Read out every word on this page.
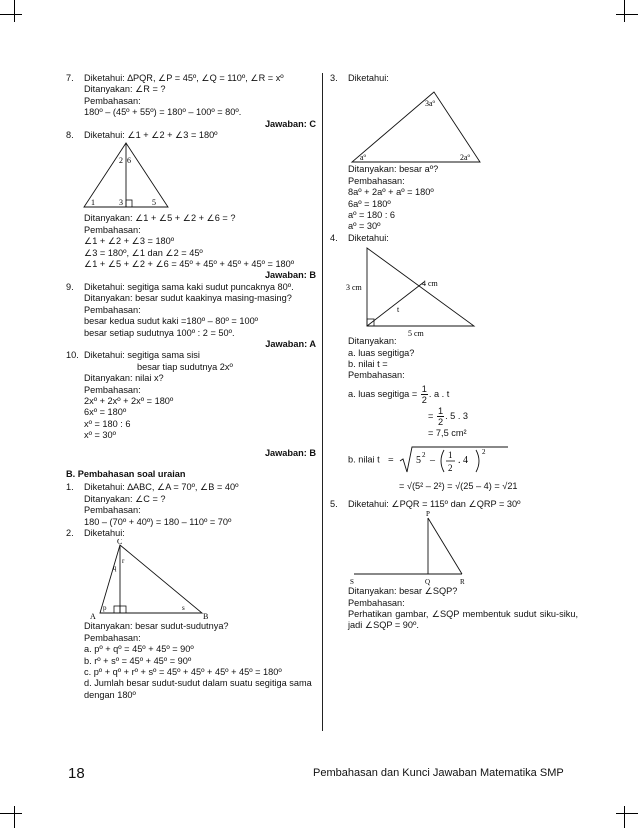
7. Diketahui: ∆PQR, ∠P = 45º, ∠Q = 110º, ∠R = xº
Ditanyakan: ∠R = ?
Pembahasan:
180º – (45º + 55º) = 180º – 100º = 80º.
Jawaban: C
8. Diketahui: ∠1 + ∠2 + ∠3 = 180º
2 6
1	3	5
Ditanyakan: ∠1 + ∠5 + ∠2 + ∠6 = ?
Pembahasan:
∠1 + ∠2 + ∠3 = 180º
∠3 = 180º, ∠1 dan ∠2 = 45º
∠1 + ∠5 + ∠2 + ∠6 = 45º + 45º + 45º + 45º = 180º
Jawaban: B
9. Diketahui: segitiga sama kaki sudut puncaknya 80º.
Ditanyakan: besar sudut kaakinya masing-masing?
Pembahasan:
besar kedua sudut kaki =180º – 80º = 100º
besar setiap sudutnya 100º : 2 = 50º.
Jawaban: A
10. Diketahui: segitiga sama sisi
besar tiap sudutnya 2xº
Ditanyakan: nilai x?
Pembahasan:
2xº + 2xº + 2xº = 180º
6xº = 180º
xº = 180 : 6
xº = 30º
Jawaban: B
B. Pembahasan soal uraian
1. Diketahui: ∆ABC, ∠A = 70º, ∠B = 40º
Ditanyakan: ∠C = ?
Pembahasan:
180 – (70º + 40º) = 180 – 110º = 70º
2. Diketahui:
C
r
q
p	s
A	B
Ditanyakan: besar sudut-sudutnya?
Pembahasan:
a. pº + qº = 45º + 45º = 90º
b. rº + sº = 45º + 45º = 90º
c. pº + qº + rº + sº = 45º + 45º + 45º + 45º = 180º
d. Jumlah besar sudut-sudut dalam suatu segitiga sama dengan 180º
3. Diketahui:
3aº
aº	2aº
Ditanyakan: besar aº?
Pembahasan:
8aº + 2aº + aº = 180º
6aº = 180º
aº = 180 : 6
aº = 30º
4. Diketahui:
3 cm	4 cm
t
5 cm
Ditanyakan:
a. luas segitiga?
b. nilai t =
Pembahasan:
a. luas segitiga = $\frac{1}{2}$ . a . t
= $\frac{1}{2}$ . 5 . 3
= 7,5 cm²
b. nilai t = 5 2 – 1
2
. 4
2
= √(5² – 2²) = √(25 – 4) = √21
5. Diketahui: ∠PQR = 115º dan ∠QRP = 30º
P
S	Q	R
Ditanyakan: besar ∠SQP?
Pembahasan:
Perhatikan gambar, ∠SQP membentuk sudut siku-siku, jadi ∠SQP = 90º.
18	Pembahasan dan Kunci Jawaban Matematika SMP
